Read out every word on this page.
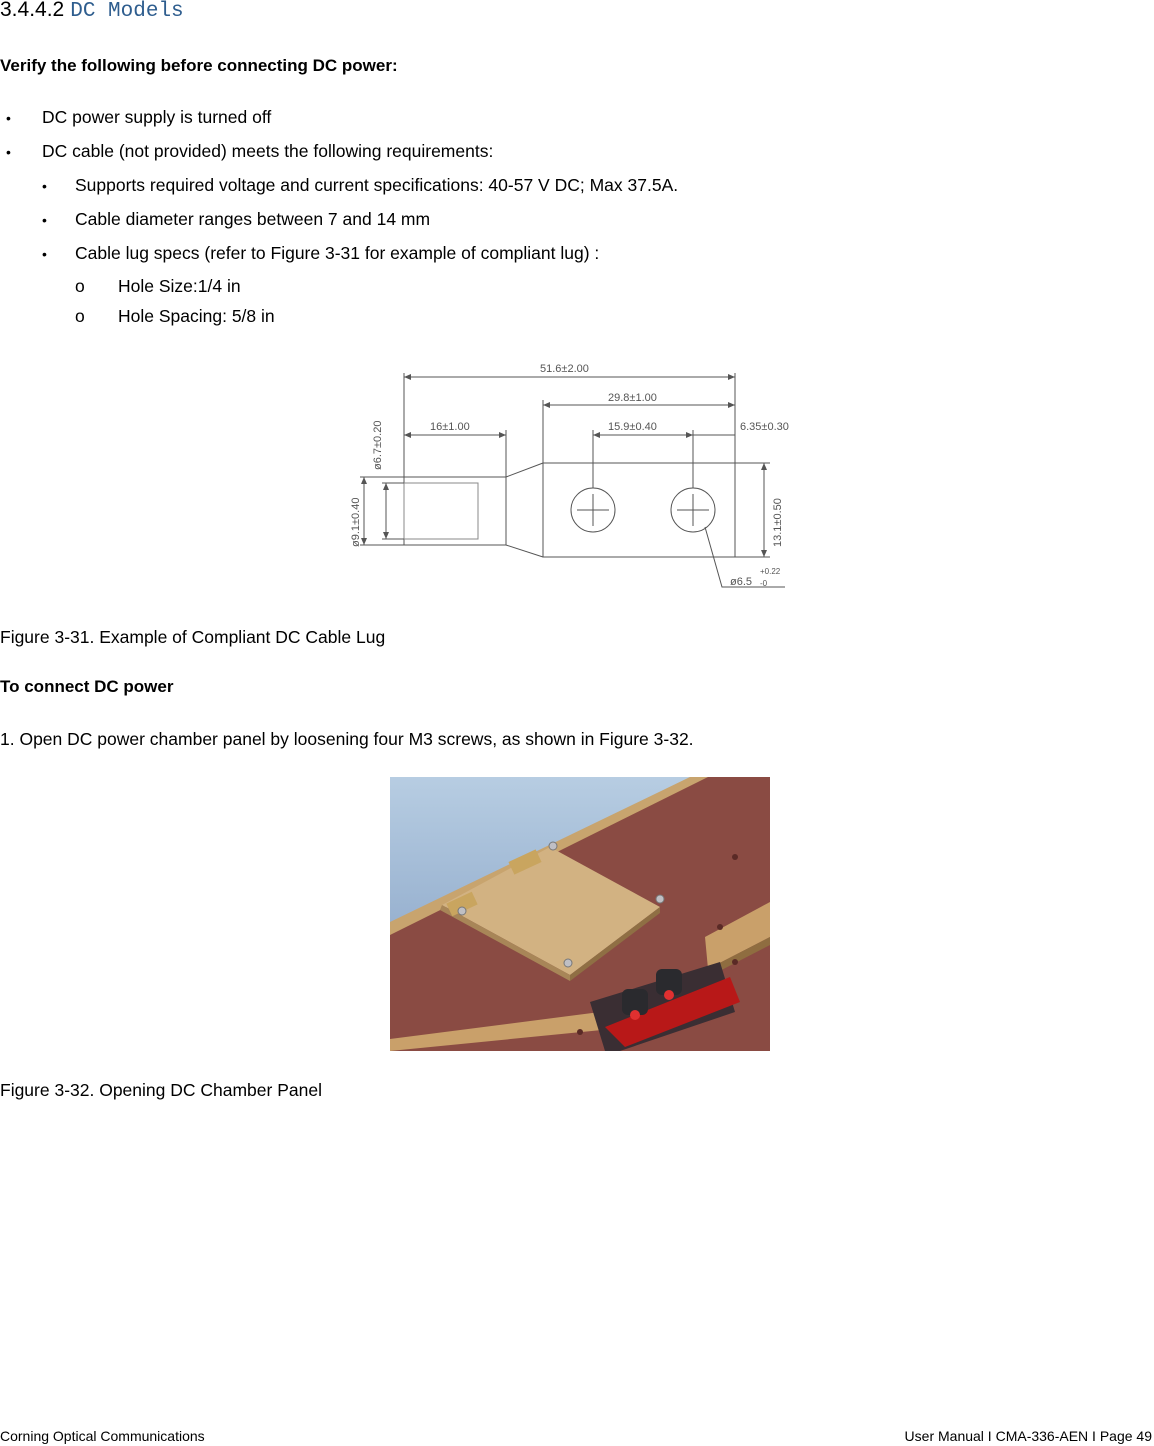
3.4.4.2 DC Models
Verify the following before connecting DC power:
• DC power supply is turned off
• DC cable (not provided) meets the following requirements:
• Supports required voltage and current specifications: 40-57 V DC; Max 37.5A.
• Cable diameter ranges between 7 and 14 mm
• Cable lug specs (refer to Figure 3-31 for example of compliant lug) :
o Hole Size:1/4 in
o Hole Spacing: 5/8 in
51.6±2.00
29.8±1.00
16±1.00	15.9±0.40	6.35±0.30
ø6.7±0.20
ø9.1±0.40	13.1±0.50
ø6.5
+0.22
-0
Figure 3-31. Example of Compliant DC Cable Lug
To connect DC power
1. Open DC power chamber panel by loosening four M3 screws, as shown in Figure 3-32.
Figure 3-32. Opening DC Chamber Panel
Corning Optical Communications	User Manual I CMA-336-AEN I Page 49
